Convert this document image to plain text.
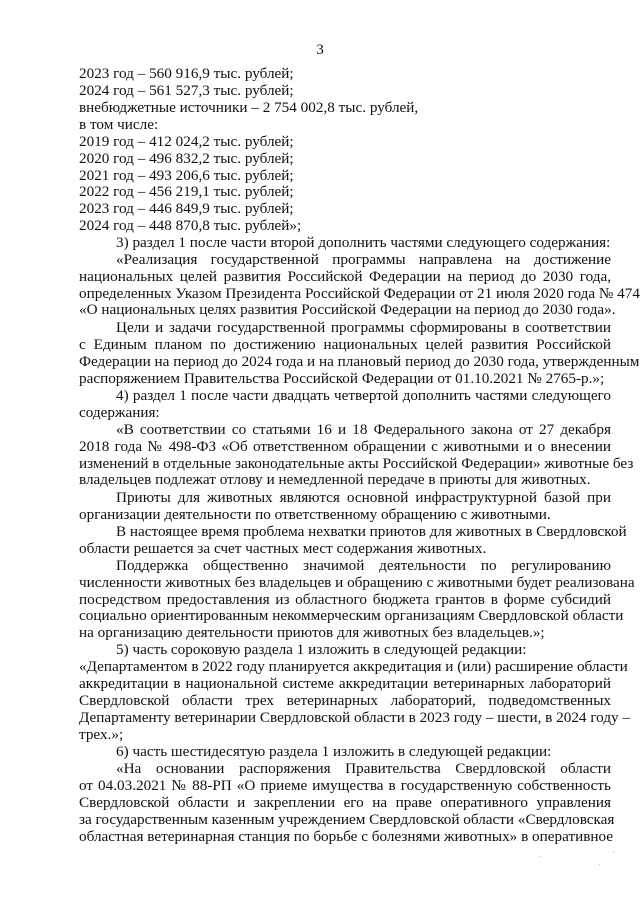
3
2023 год – 560 916,9 тыс. рублей;
2024 год – 561 527,3 тыс. рублей;
внебюджетные источники – 2 754 002,8 тыс. рублей,
в том числе:
2019 год – 412 024,2 тыс. рублей;
2020 год – 496 832,2 тыс. рублей;
2021 год – 493 206,6 тыс. рублей;
2022 год – 456 219,1 тыс. рублей;
2023 год – 446 849,9 тыс. рублей;
2024 год – 448 870,8 тыс. рублей»;
3) раздел 1 после части второй дополнить частями следующего содержания:
«Реализация государственной программы направлена на достижение
национальных целей развития Российской Федерации на период до 2030 года,
определенных Указом Президента Российской Федерации от 21 июля 2020 года № 474
«О национальных целях развития Российской Федерации на период до 2030 года».
Цели и задачи государственной программы сформированы в соответствии
с Единым планом по достижению национальных целей развития Российской
Федерации на период до 2024 года и на плановый период до 2030 года, утвержденным
распоряжением Правительства Российской Федерации от 01.10.2021 № 2765-р.»;
4) раздел 1 после части двадцать четвертой дополнить частями следующего
содержания:
«В соответствии со статьями 16 и 18 Федерального закона от 27 декабря
2018 года № 498-ФЗ «Об ответственном обращении с животными и о внесении
изменений в отдельные законодательные акты Российской Федерации» животные без
владельцев подлежат отлову и немедленной передаче в приюты для животных.
Приюты для животных являются основной инфраструктурной базой при
организации деятельности по ответственному обращению с животными.
В настоящее время проблема нехватки приютов для животных в Свердловской
области решается за счет частных мест содержания животных.
Поддержка общественно значимой деятельности по регулированию
численности животных без владельцев и обращению с животными будет реализована
посредством предоставления из областного бюджета грантов в форме субсидий
социально ориентированным некоммерческим организациям Свердловской области
на организацию деятельности приютов для животных без владельцев.»;
5) часть сороковую раздела 1 изложить в следующей редакции:
«Департаментом в 2022 году планируется аккредитация и (или) расширение области
аккредитации в национальной системе аккредитации ветеринарных лабораторий
Свердловской области трех ветеринарных лабораторий, подведомственных
Департаменту ветеринарии Свердловской области в 2023 году – шести, в 2024 году –
трех.»;
6) часть шестидесятую раздела 1 изложить в следующей редакции:
«На основании распоряжения Правительства Свердловской области
от 04.03.2021 № 88-РП «О приеме имущества в государственную собственность
Свердловской области и закреплении его на праве оперативного управления
за государственным казенным учреждением Свердловской области «Свердловская
областная ветеринарная станция по борьбе с болезнями животных» в оперативное
·
·
·
